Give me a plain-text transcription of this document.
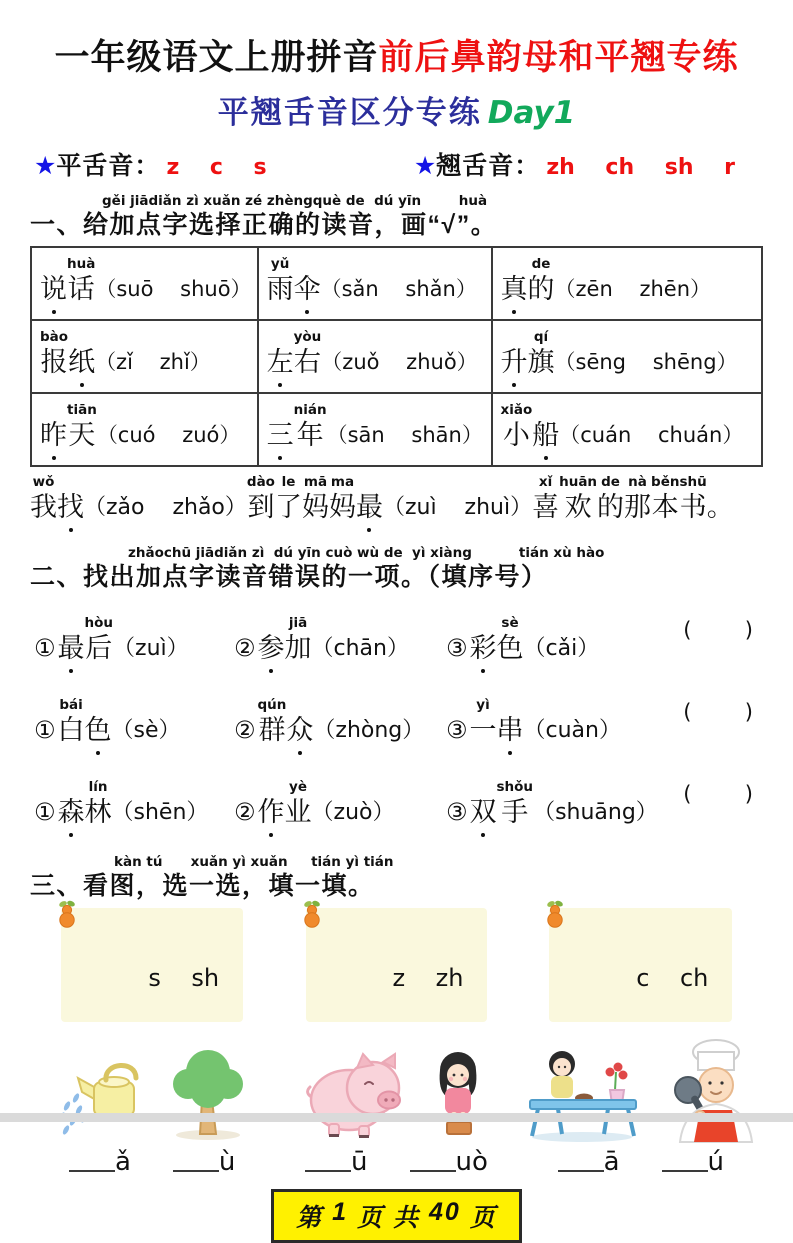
一年级语文上册拼音前后鼻韵母和平翘专练
平翘舌音区分专练 Day1
★ 平舌音： z    c    s	★ 翘舌音： zh    ch    sh    r
gěi jiādiǎn zì xuǎn zé zhèngquè de  dú yīn        huà
一、给加点字选择正确的读音，画“√”。
说
huà
话 （suō    shuō）	yǔ
雨 伞 （sǎn    shǎn）	真
de
的 （zēn    zhēn）

bào
报 纸 （zǐ    zhǐ）	左
yòu
右 （zuǒ    zhuǒ）	升
qí
旗 （sēng    shēng）

昨
tiān
天 （cuó    zuó）	三
nián
年 （sān    shān）	xiǎo
小 船 （cuán    chuán）
wǒ
我 找 （zǎo    zhǎo）
dào
到
le
了
mā
妈
ma
妈 最 （zuì    zhuì）
xǐ
喜
huān
欢
de
的
nà
那
běn
本
shū
书 。
zhǎochū jiādiǎn zì  dú yīn cuò wù de  yì xiàng          tián xù hào
二、找出加点字读音错误的一项。（填序号）
① 最
hòu
后 （zuì） ② 参
jiā
加 （chān） ③ 彩
sè
色 （cǎi）
(        )
①
bái
白 色 （sè） ②
qún
群 众 （zhòng） ③
yì
一 串 （cuàn）
(        )
① 森
lín
林 （shēn） ② 作
yè
业 （zuò） ③ 双
shǒu
手 （shuāng）
(        )
kàn tú      xuǎn yì xuǎn     tián yì tián
三、看图，选一选，填一填。

s    sh

	z    zh

	c    ch

ǎ	ù	ū	uò	ā	ú
第 1 页 共 40 页
